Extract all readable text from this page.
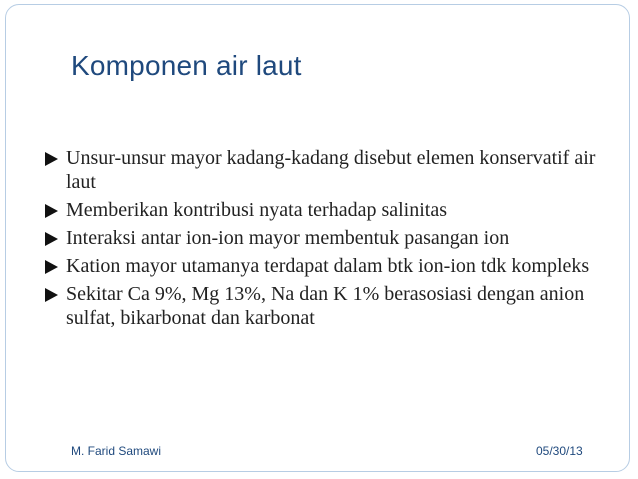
Komponen air laut
Unsur-unsur mayor kadang-kadang disebut elemen konservatif air laut
Memberikan kontribusi nyata terhadap salinitas
Interaksi antar ion-ion mayor membentuk pasangan ion
Kation mayor utamanya terdapat dalam btk ion-ion tdk kompleks
Sekitar Ca 9%, Mg 13%, Na dan K 1% berasosiasi dengan anion sulfat, bikarbonat dan karbonat
M. Farid Samawi	05/30/13
